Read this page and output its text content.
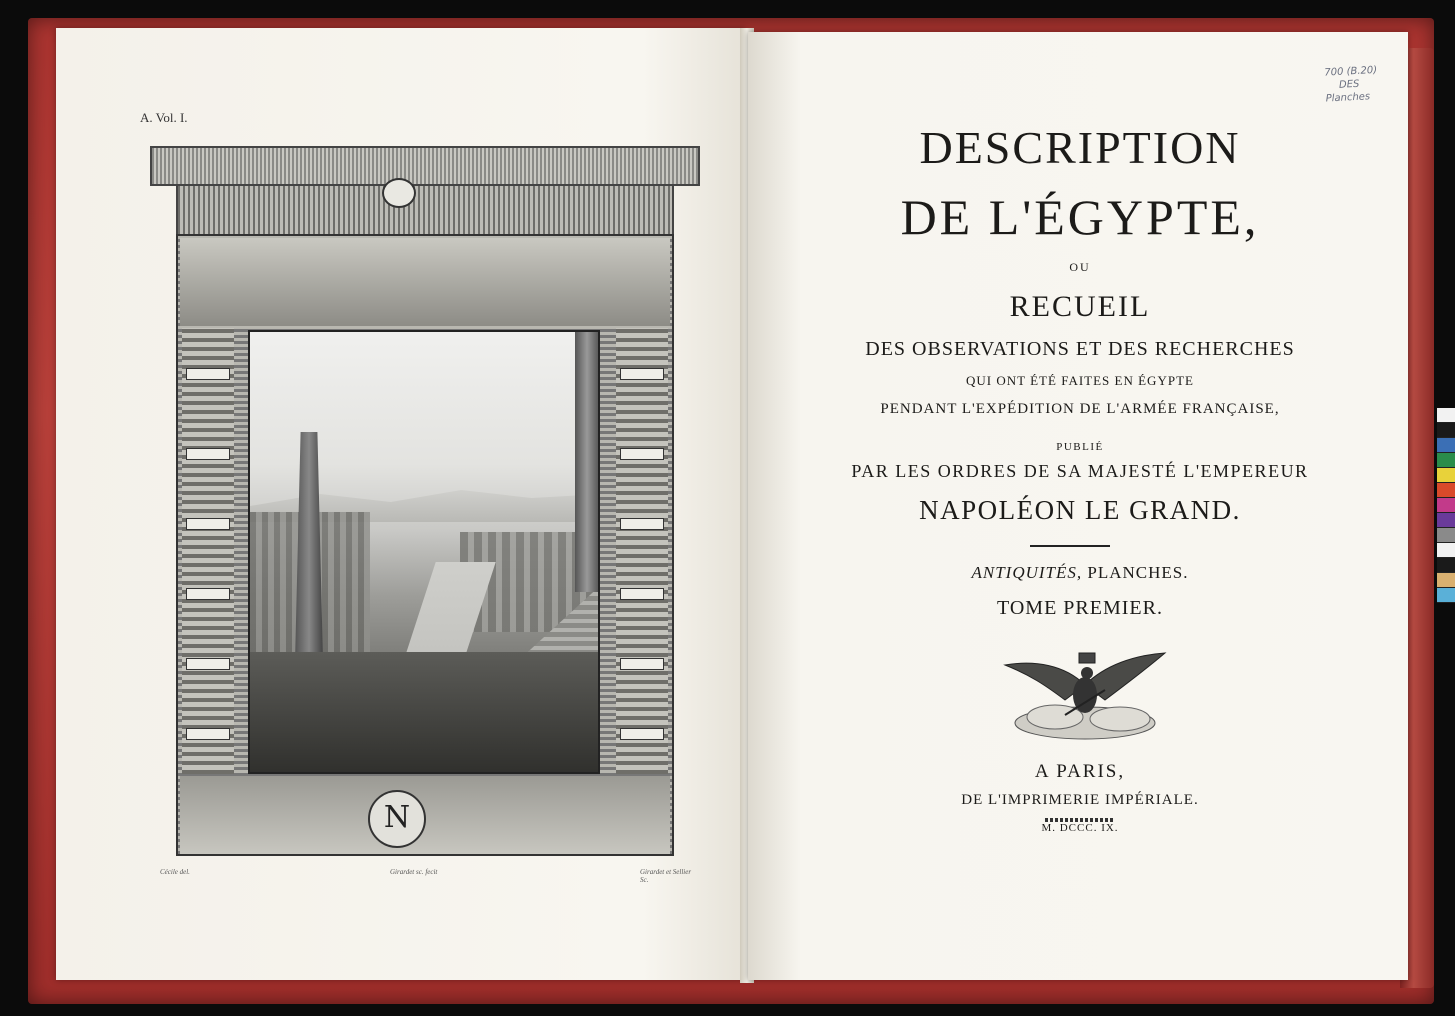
A. Vol. I.
N
Cécile del.	Girardet sc. fecit	Girardet et Sellier Sc.
DESCRIPTION
DE L'ÉGYPTE,
OU
RECUEIL
DES OBSERVATIONS ET DES RECHERCHES
QUI ONT ÉTÉ FAITES EN ÉGYPTE
PENDANT L'EXPÉDITION DE L'ARMÉE FRANÇAISE,
PUBLIÉ
PAR LES ORDRES DE SA MAJESTÉ L'EMPEREUR
NAPOLÉON LE GRAND.
ANTIQUITÉS, PLANCHES.
TOME PREMIER.
A PARIS,
DE L'IMPRIMERIE IMPÉRIALE.
M. DCCC. IX.
700 (B.20)
DES
Planches
